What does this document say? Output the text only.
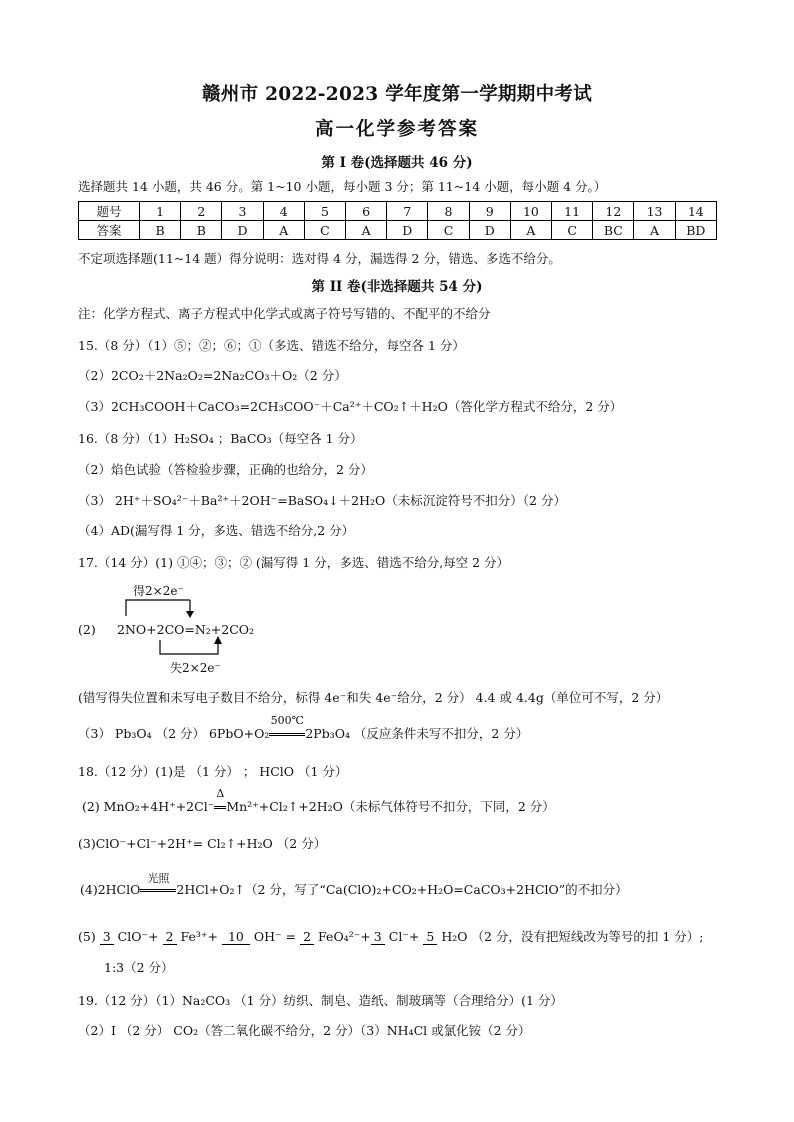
赣州市 2022-2023 学年度第一学期期中考试
高一化学参考答案
第 I 卷(选择题共 46 分)
选择题共 14 小题，共 46 分。第 1~10 小题，每小题 3 分；第 11~14 小题，每小题 4 分。）
题号	1	2	3	4	5	6	7	8	9	10	11	12	13	14
答案	B	B	D	A	C	A	D	C	D	A	C	BC	A	BD
不定项选择题(11~14 题）得分说明：选对得 4 分，漏选得 2 分，错选、多选不给分。
第 II 卷(非选择题共 54 分)
注：化学方程式、离子方程式中化学式或离子符号写错的、不配平的不给分
15.（8 分）（1）⑤；②；⑥；①（多选、错选不给分，每空各 1 分）
（2）2CO₂＋2Na₂O₂=2Na₂CO₃＋O₂（2 分）
（3）2CH₃COOH＋CaCO₃=2CH₃COO⁻＋Ca²⁺＋CO₂↑＋H₂O（答化学方程式不给分，2 分）
16.（8 分）（1）H₂SO₄ ；BaCO₃（每空各 1 分）
（2）焰色试验（答检验步骤，正确的也给分，2 分）
（3） 2H⁺＋SO₄²⁻＋Ba²⁺＋2OH⁻=BaSO₄↓＋2H₂O（未标沉淀符号不扣分）（2 分）
（4）AD(漏写得 1 分，多选、错选不给分,2 分）
17.（14 分）(1) ①④；③；② (漏写得 1 分，多选、错选不给分,每空 2 分）
(2)
得2×2e⁻
2NO+2CO=N₂+2CO₂
失2×2e⁻
(错写得失位置和未写电子数目不给分，标得 4e⁻和失 4e⁻给分，2 分） 4.4 或 4.4g（单位可不写，2 分）
（3） Pb₃O₄ （2 分） 6PbO+O₂
500℃
2Pb₃O₄ （反应条件未写不扣分，2 分）
18.（12 分）(1)是 （1 分） ； HClO （1 分）
(2) MnO₂+4H⁺+2Cl⁻
Δ
Mn²⁺+Cl₂↑+2H₂O（未标气体符号不扣分，下同，2 分）
(3)ClO⁻+Cl⁻+2H⁺= Cl₂↑+H₂O （2 分）
(4)2HClO
光照
2HCl+O₂↑（2 分，写了“Ca(ClO)₂+CO₂+H₂O=CaCO₃+2HClO”的不扣分）
(5) 3 ClO⁻+ 2 Fe³⁺+ 10 OH⁻ = 2 FeO₄²⁻+ 3 Cl⁻+ 5 H₂O （2 分，没有把短线改为等号的扣 1 分）;
1:3（2 分）
19.（12 分）（1）Na₂CO₃ （1 分）纺织、制皂、造纸、制玻璃等（合理给分）(1 分）
（2）I （2 分） CO₂（答二氧化碳不给分，2 分）（3）NH₄Cl 或氯化铵（2 分）
